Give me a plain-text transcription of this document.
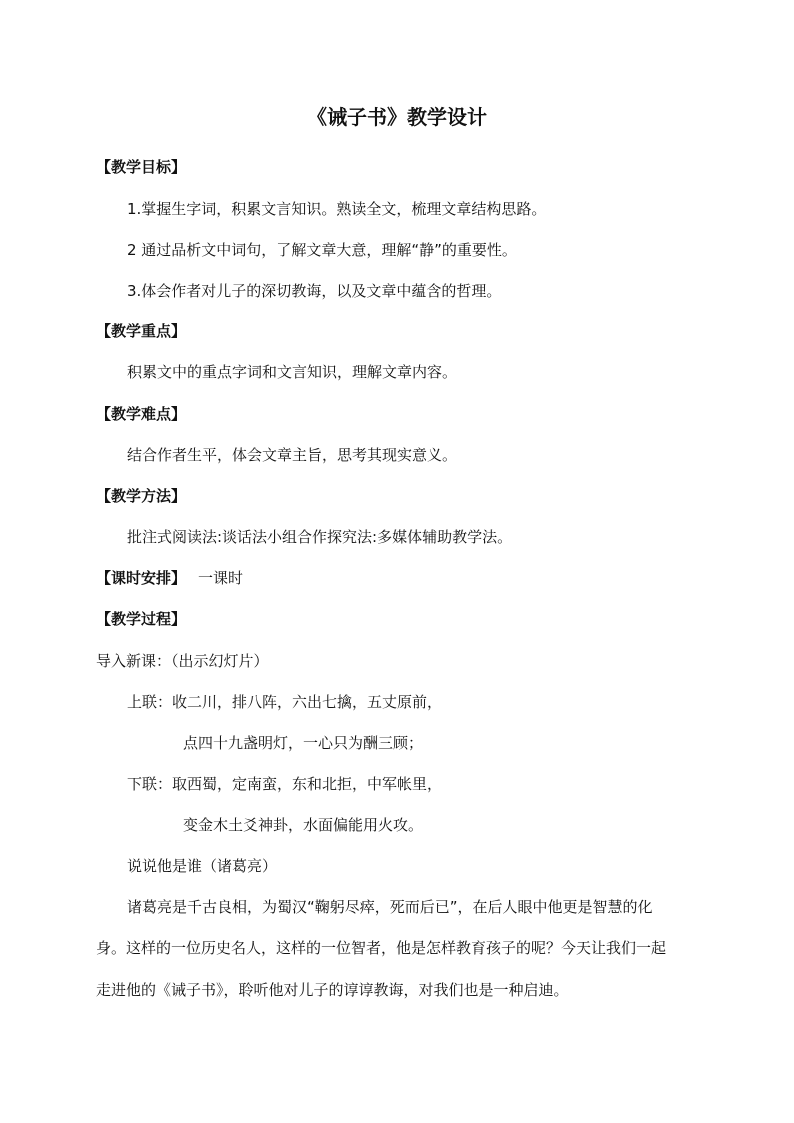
《诫子书》教学设计
【教学目标】
1.掌握生字词，积累文言知识。熟读全文，梳理文章结构思路。
2 通过品析文中词句，了解文章大意，理解“静”的重要性。
3.体会作者对儿子的深切教诲，以及文章中蕴含的哲理。
【教学重点】
积累文中的重点字词和文言知识，理解文章内容。
【教学难点】
结合作者生平，体会文章主旨，思考其现实意义。
【教学方法】
批注式阅读法:谈话法小组合作探究法:多媒体辅助教学法。
【课时安排】 一课时
【教学过程】
导入新课：（出示幻灯片）
上联：收二川，排八阵，六出七擒，五丈原前，
点四十九盏明灯，一心只为酬三顾；
下联：取西蜀，定南蛮，东和北拒，中军帐里，
变金木土爻神卦，水面偏能用火攻。
说说他是谁（诸葛亮）
诸葛亮是千古良相，为蜀汉“鞠躬尽瘁，死而后已”，在后人眼中他更是智慧的化
身。这样的一位历史名人，这样的一位智者，他是怎样教育孩子的呢？今天让我们一起
走进他的《诫子书》，聆听他对儿子的谆谆教诲，对我们也是一种启迪。
